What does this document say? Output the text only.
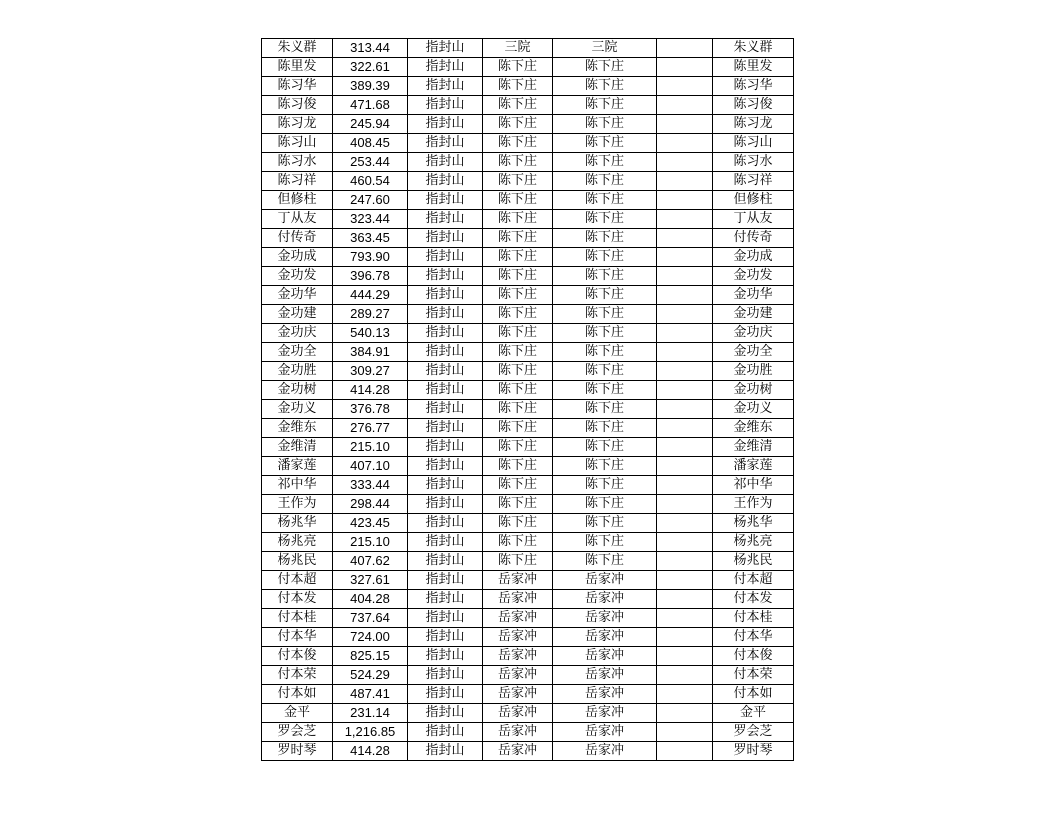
朱义群	313.44	指封山	三院	三院		朱义群
陈里发	322.61	指封山	陈下庄	陈下庄		陈里发
陈习华	389.39	指封山	陈下庄	陈下庄		陈习华
陈习俊	471.68	指封山	陈下庄	陈下庄		陈习俊
陈习龙	245.94	指封山	陈下庄	陈下庄		陈习龙
陈习山	408.45	指封山	陈下庄	陈下庄		陈习山
陈习水	253.44	指封山	陈下庄	陈下庄		陈习水
陈习祥	460.54	指封山	陈下庄	陈下庄		陈习祥
但修柱	247.60	指封山	陈下庄	陈下庄		但修柱
丁从友	323.44	指封山	陈下庄	陈下庄		丁从友
付传奇	363.45	指封山	陈下庄	陈下庄		付传奇
金功成	793.90	指封山	陈下庄	陈下庄		金功成
金功发	396.78	指封山	陈下庄	陈下庄		金功发
金功华	444.29	指封山	陈下庄	陈下庄		金功华
金功建	289.27	指封山	陈下庄	陈下庄		金功建
金功庆	540.13	指封山	陈下庄	陈下庄		金功庆
金功全	384.91	指封山	陈下庄	陈下庄		金功全
金功胜	309.27	指封山	陈下庄	陈下庄		金功胜
金功树	414.28	指封山	陈下庄	陈下庄		金功树
金功义	376.78	指封山	陈下庄	陈下庄		金功义
金维东	276.77	指封山	陈下庄	陈下庄		金维东
金维清	215.10	指封山	陈下庄	陈下庄		金维清
潘家莲	407.10	指封山	陈下庄	陈下庄		潘家莲
祁中华	333.44	指封山	陈下庄	陈下庄		祁中华
王作为	298.44	指封山	陈下庄	陈下庄		王作为
杨兆华	423.45	指封山	陈下庄	陈下庄		杨兆华
杨兆亮	215.10	指封山	陈下庄	陈下庄		杨兆亮
杨兆民	407.62	指封山	陈下庄	陈下庄		杨兆民
付本超	327.61	指封山	岳家冲	岳家冲		付本超
付本发	404.28	指封山	岳家冲	岳家冲		付本发
付本桂	737.64	指封山	岳家冲	岳家冲		付本桂
付本华	724.00	指封山	岳家冲	岳家冲		付本华
付本俊	825.15	指封山	岳家冲	岳家冲		付本俊
付本荣	524.29	指封山	岳家冲	岳家冲		付本荣
付本如	487.41	指封山	岳家冲	岳家冲		付本如
金平	231.14	指封山	岳家冲	岳家冲		金平
罗会芝	1,216.85	指封山	岳家冲	岳家冲		罗会芝
罗时琴	414.28	指封山	岳家冲	岳家冲		罗时琴
